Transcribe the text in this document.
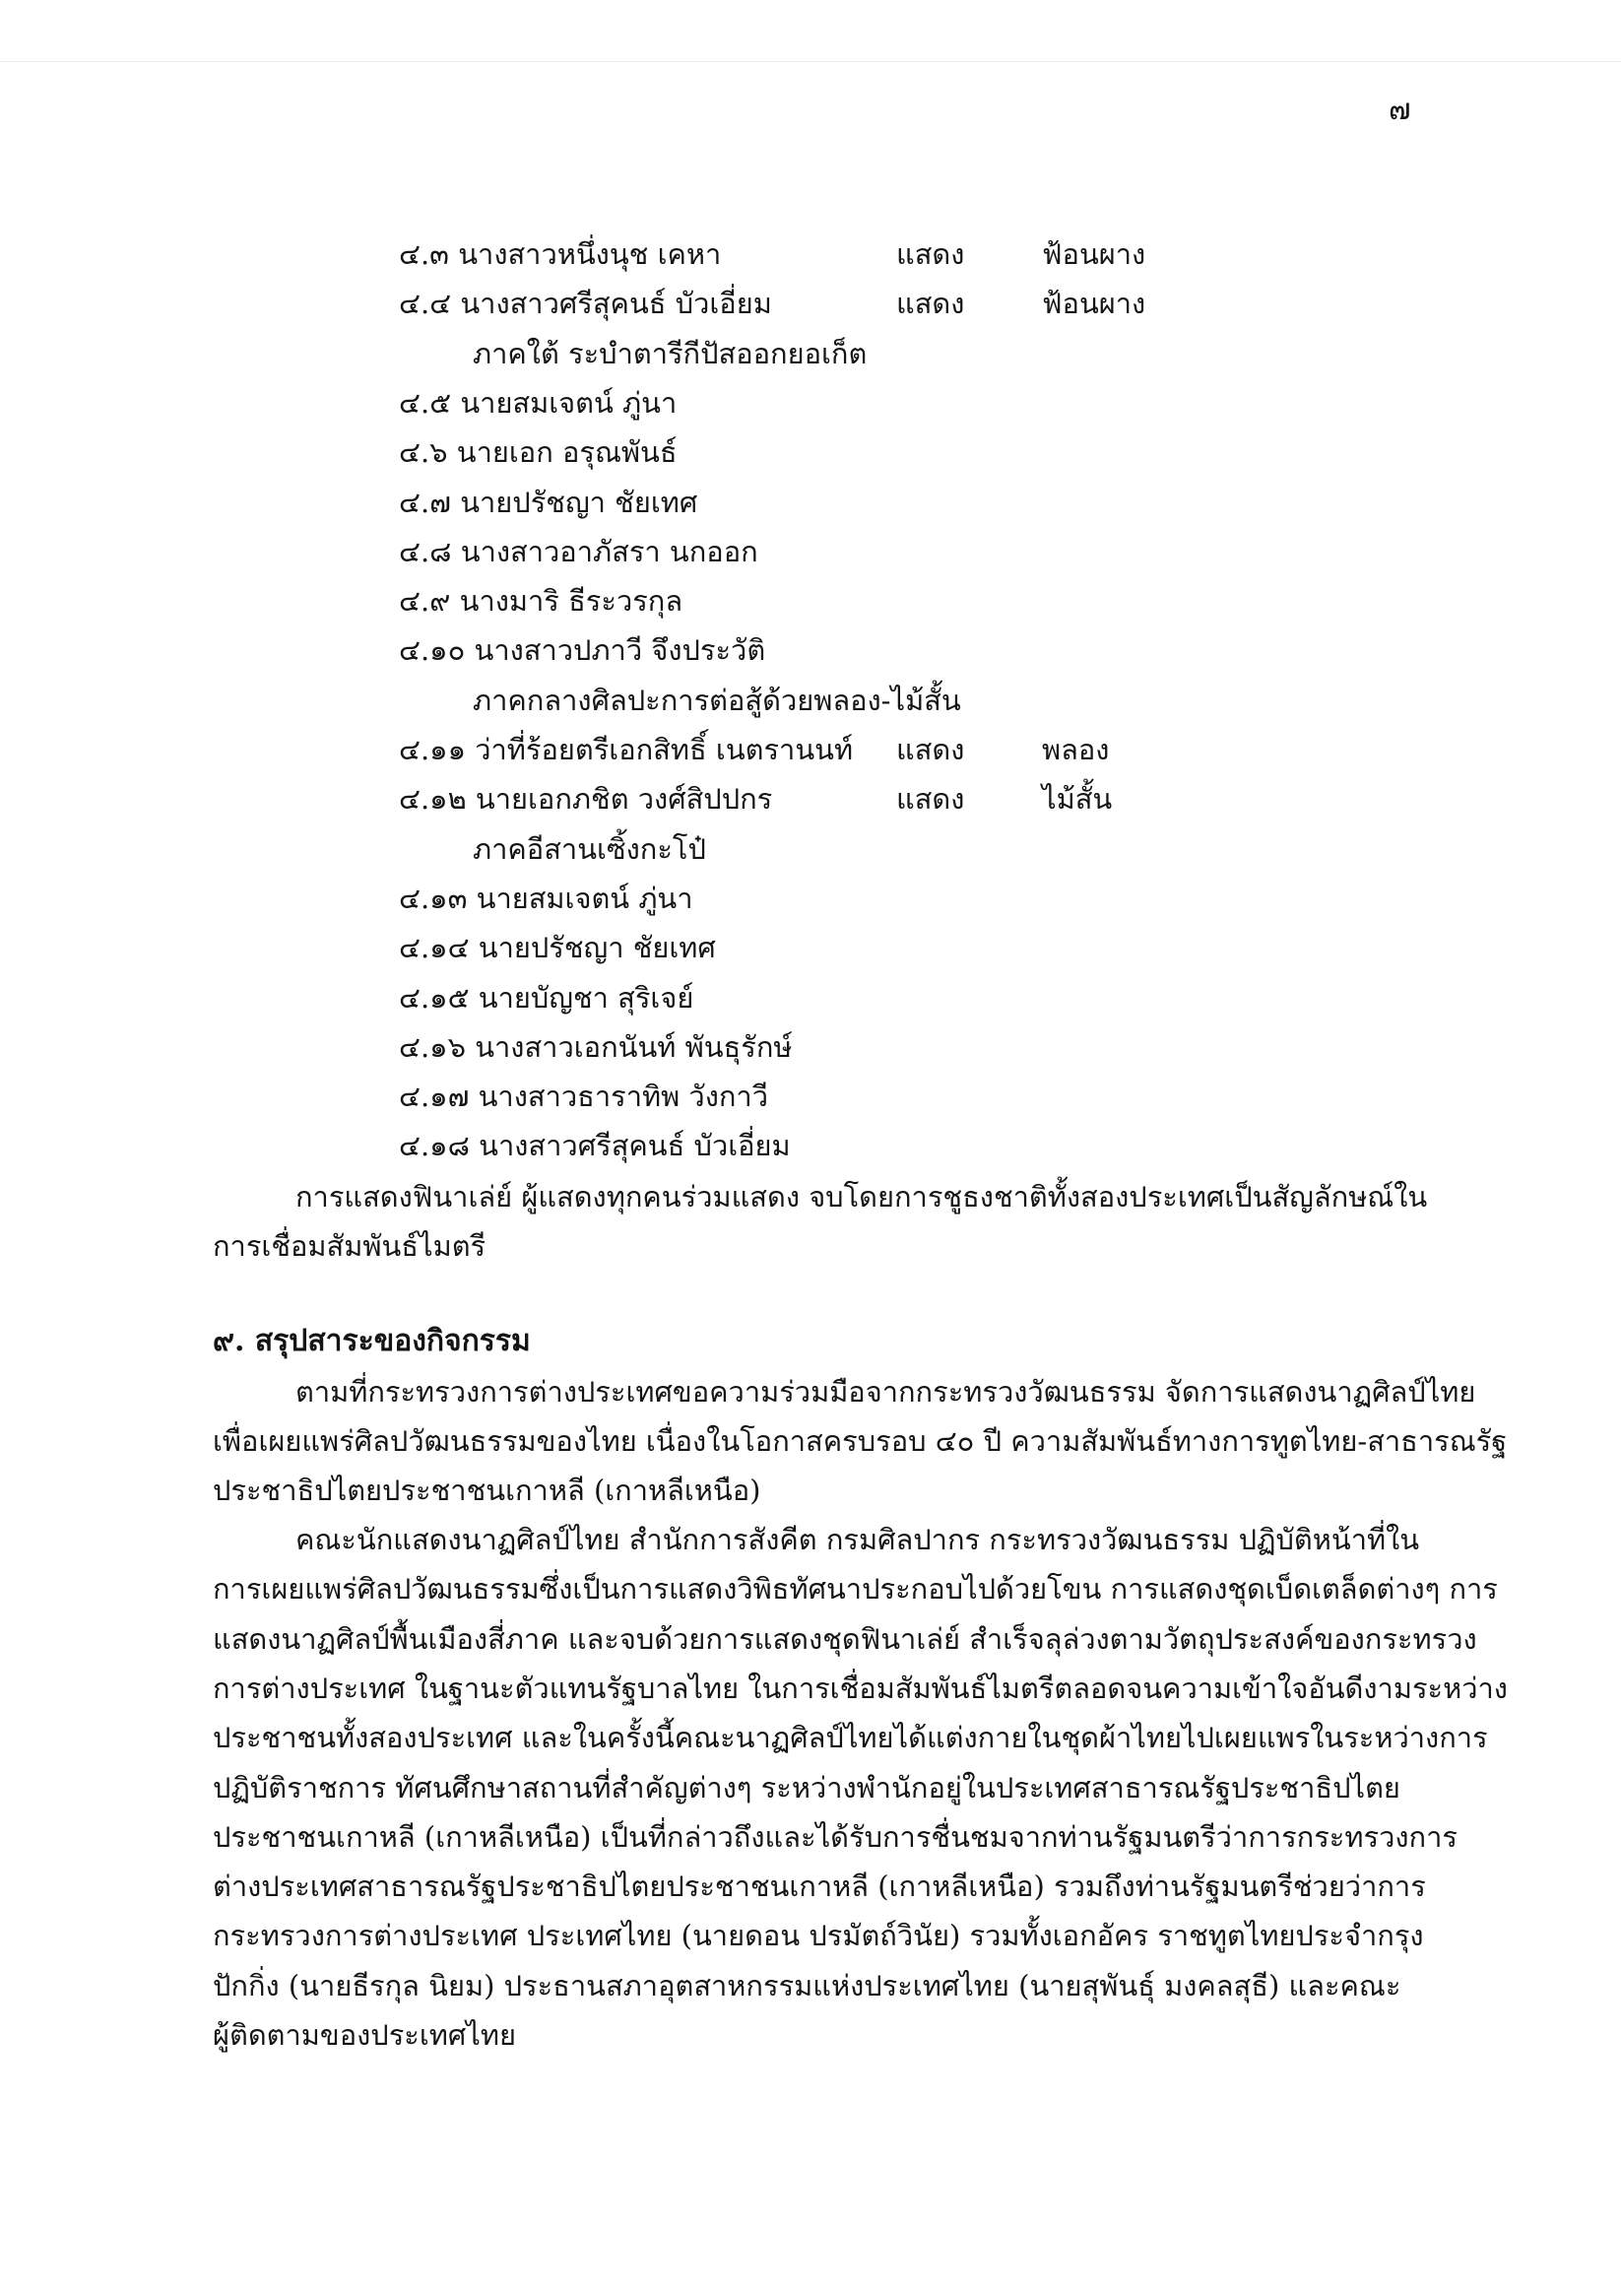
๗
๔.๓ นางสาวหนึ่งนุช เคหา	แสดง	ฟ้อนผาง
๔.๔ นางสาวศรีสุคนธ์ บัวเอี่ยม	แสดง	ฟ้อนผาง
ภาคใต้ ระบำตารีกีปัสออกยอเก็ต
๔.๕ นายสมเจตน์ ภู่นา
๔.๖ นายเอก อรุณพันธ์
๔.๗ นายปรัชญา ชัยเทศ
๔.๘ นางสาวอาภัสรา นกออก
๔.๙ นางมาริ ธีระวรกุล
๔.๑๐ นางสาวปภาวี จึงประวัติ
ภาคกลางศิลปะการต่อสู้ด้วยพลอง-ไม้สั้น
๔.๑๑ ว่าที่ร้อยตรีเอกสิทธิ์ เนตรานนท์ แสดง	พลอง
๔.๑๒ นายเอกภชิต วงศ์สิปปกร	แสดง	ไม้สั้น
ภาคอีสานเซิ้งกะโป๋
๔.๑๓ นายสมเจตน์ ภู่นา
๔.๑๔ นายปรัชญา ชัยเทศ
๔.๑๕ นายบัญชา สุริเจย์
๔.๑๖ นางสาวเอกนันท์ พันธุรักษ์
๔.๑๗ นางสาวธาราทิพ วังกาวี
๔.๑๘ นางสาวศรีสุคนธ์ บัวเอี่ยม
การแสดงฟินาเล่ย์ ผู้แสดงทุกคนร่วมแสดง จบโดยการชูธงชาติทั้งสองประเทศเป็นสัญลักษณ์ใน
การเชื่อมสัมพันธ์ไมตรี
๙. สรุปสาระของกิจกรรม
ตามที่กระทรวงการต่างประเทศขอความร่วมมือจากกระทรวงวัฒนธรรม จัดการแสดงนาฏศิลป์ไทย
เพื่อเผยแพร่ศิลปวัฒนธรรมของไทย เนื่องในโอกาสครบรอบ ๔๐ ปี ความสัมพันธ์ทางการทูตไทย-สาธารณรัฐ
ประชาธิปไตยประชาชนเกาหลี (เกาหลีเหนือ)
คณะนักแสดงนาฏศิลป์ไทย สำนักการสังคีต กรมศิลปากร กระทรวงวัฒนธรรม ปฏิบัติหน้าที่ใน
การเผยแพร่ศิลปวัฒนธรรมซึ่งเป็นการแสดงวิพิธทัศนาประกอบไปด้วยโขน การแสดงชุดเบ็ดเตล็ดต่างๆ การ
แสดงนาฏศิลป์พื้นเมืองสี่ภาค และจบด้วยการแสดงชุดฟินาเล่ย์ สำเร็จลุล่วงตามวัตถุประสงค์ของกระทรวง
การต่างประเทศ ในฐานะตัวแทนรัฐบาลไทย ในการเชื่อมสัมพันธ์ไมตรีตลอดจนความเข้าใจอันดีงามระหว่าง
ประชาชนทั้งสองประเทศ และในครั้งนี้คณะนาฏศิลป์ไทยได้แต่งกายในชุดผ้าไทยไปเผยแพรในระหว่างการ
ปฏิบัติราชการ ทัศนศึกษาสถานที่สำคัญต่างๆ ระหว่างพำนักอยู่ในประเทศสาธารณรัฐประชาธิปไตย
ประชาชนเกาหลี (เกาหลีเหนือ) เป็นที่กล่าวถึงและได้รับการชื่นชมจากท่านรัฐมนตรีว่าการกระทรวงการ
ต่างประเทศสาธารณรัฐประชาธิปไตยประชาชนเกาหลี (เกาหลีเหนือ) รวมถึงท่านรัฐมนตรีช่วยว่าการ
กระทรวงการต่างประเทศ ประเทศไทย (นายดอน ปรมัตถ์วินัย) รวมทั้งเอกอัคร ราชทูตไทยประจำกรุง
ปักกิ่ง (นายธีรกุล นิยม) ประธานสภาอุตสาหกรรมแห่งประเทศไทย (นายสุพันธุ์ มงคลสุธี) และคณะ
ผู้ติดตามของประเทศไทย
